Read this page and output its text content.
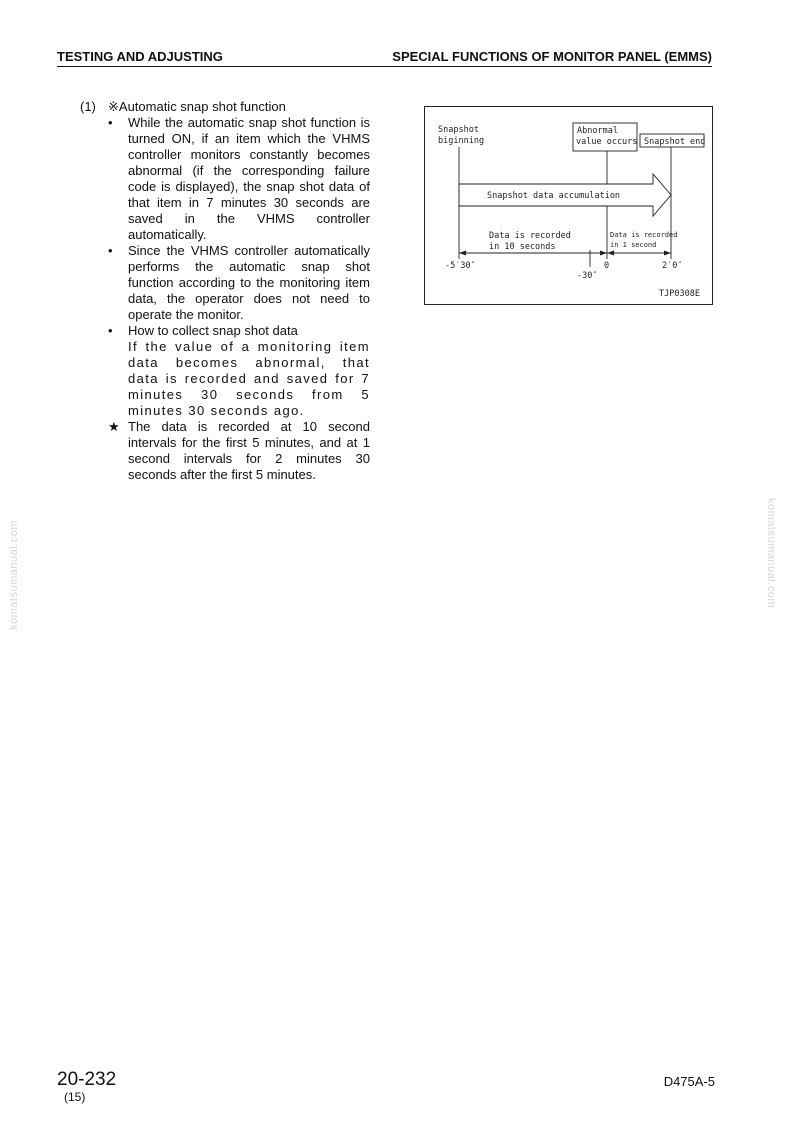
TESTING AND ADJUSTING	SPECIAL FUNCTIONS OF MONITOR PANEL (EMMS)
(1) ※Automatic snap shot function
•	While the automatic snap shot function is turned ON, if an item which the VHMS controller monitors constantly becomes abnormal (if the corresponding failure code is displayed), the snap shot data of that item in 7 minutes 30 seconds are saved in the VHMS controller automatically.
•	Since the VHMS controller automatically performs the automatic snap shot function according to the monitoring item data, the operator does not need to operate the monitor.
•	How to collect snap shot data
If the value of a monitoring item data becomes abnormal, that data is recorded and saved for 7 minutes 30 seconds from 5 minutes 30 seconds ago.
★ The data is recorded at 10 second intervals for the first 5 minutes, and at 1 second intervals for 2 minutes 30 seconds after the first 5 minutes.
Snapshot
biginning
Abnormal
value occurs Snapshot end
Snapshot data accumulation
Data is recorded
in 10 seconds
Data is recorded
in 1 second
-5′30″
-30″
0	2′0″
TJP0308E
komatsumanual.com	komatsumanual.com
20-232
(15)
D475A-5
